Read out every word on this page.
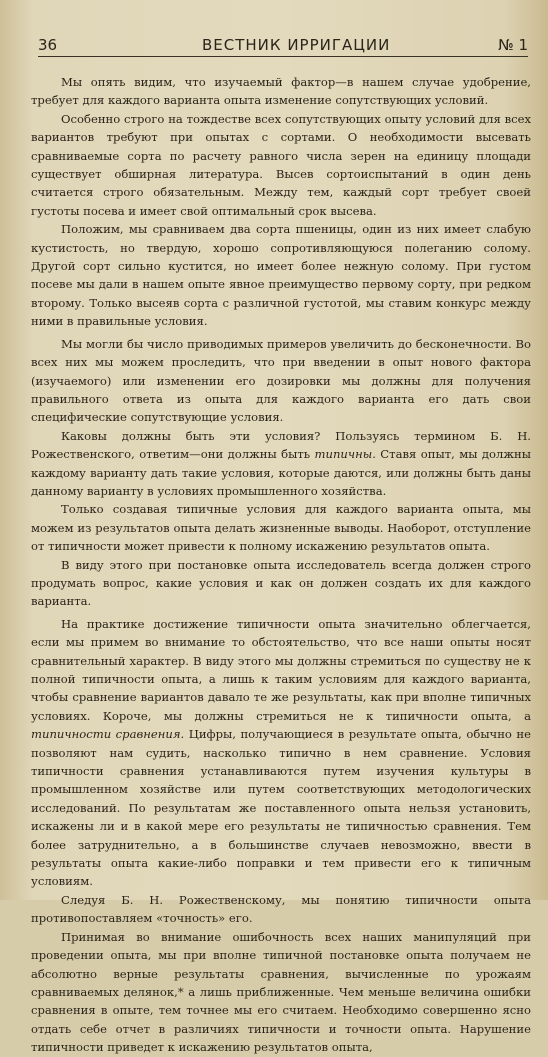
36	ВЕСТНИК ИРРИГАЦИИ	№ 1

Мы опять видим, что изучаемый фактор—в нашем случае удобрение, требует для каждого варианта опыта изменение сопутствующих условий.

Особенно строго на тождестве всех сопутствующих опыту условий для всех вариантов требуют при опытах с сортами. О необходимости высевать сравниваемые сорта по расчету равного числа зерен на единицу площади существует обширная литература. Высев сортоиспытаний в один день считается строго обязательным. Между тем, каждый сорт требует своей густоты посева и имеет свой оптимальный срок высева.

Положим, мы сравниваем два сорта пшеницы, один из них имеет слабую кустистость, но твердую, хорошо сопротивляющуюся полеганию солому. Другой сорт сильно кустится, но имеет более нежную солому. При густом посеве мы дали в нашем опыте явное преимущество первому сорту, при редком второму. Только высеяв сорта с различной густотой, мы ставим конкурс между ними в правильные условия.

Мы могли бы число приводимых примеров увеличить до бесконечности. Во всех них мы можем проследить, что при введении в опыт нового фактора (изучаемого) или изменении его дозировки мы должны для получения правильного ответа из опыта для каждого варианта его дать свои специфические сопутствующие условия.

Каковы должны быть эти условия? Пользуясь термином Б. Н. Рожественского, ответим—они должны быть типичны. Ставя опыт, мы должны каждому варианту дать такие условия, которые даются, или должны быть даны данному варианту в условиях промышленного хозяйства.

Только создавая типичные условия для каждого варианта опыта, мы можем из результатов опыта делать жизненные выводы. Наоборот, отступление от типичности может привести к полному искажению результатов опыта.

В виду этого при постановке опыта исследователь всегда должен строго продумать вопрос, какие условия и как он должен создать их для каждого варианта.

На практике достижение типичности опыта значительно облегчается, если мы примем во внимание то обстоятельство, что все наши опыты носят сравнительный характер. В виду этого мы должны стремиться по существу не к полной типичности опыта, а лишь к таким условиям для каждого варианта, чтобы сравнение вариантов давало те же результаты, как при вполне типичных условиях. Короче, мы должны стремиться не к типичности опыта, а типичности сравнения. Цифры, получающиеся в результате опыта, обычно не позволяют нам судить, насколько типично в нем сравнение. Условия типичности сравнения устанавливаются путем изучения культуры в промышленном хозяйстве или путем соответствующих методологических исследований. По результатам же поставленного опыта нельзя установить, искажены ли и в какой мере его результаты не типичностью сравнения. Тем более затруднительно, а в большинстве случаев невозможно, ввести в результаты опыта какие-либо поправки и тем привести его к типичным условиям.

Следуя Б. Н. Рожественскому, мы понятию типичности опыта противопоставляем «точность» его.

Принимая во внимание ошибочность всех наших манипуляций при проведении опыта, мы при вполне типичной постановке опыта получаем не абсолютно верные результаты сравнения, вычисленные по урожаям сравниваемых делянок,* а лишь приближенные. Чем меньше величина ошибки сравнения в опыте, тем точнее мы его считаем. Необходимо совершенно ясно отдать себе отчет в различиях типичности и точности опыта. Нарушение типичности приведет к искажению результатов опыта,
